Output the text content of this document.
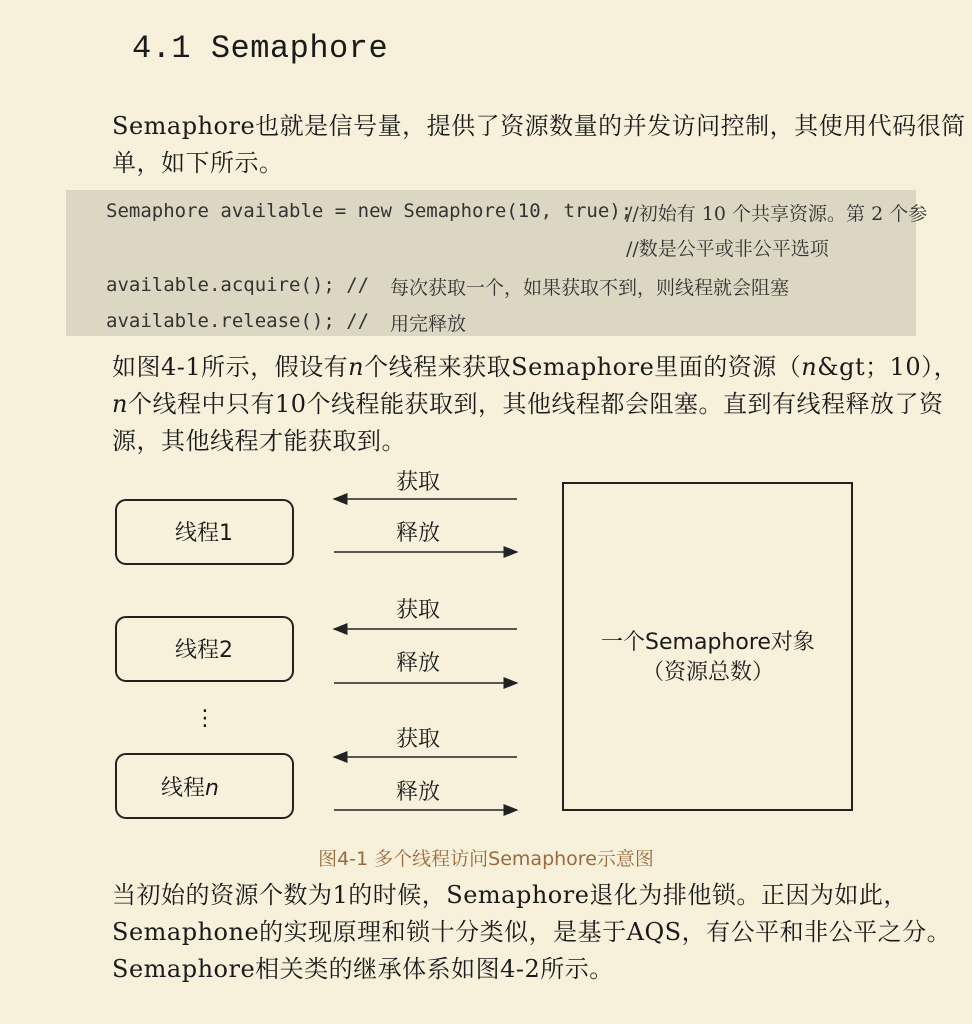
4.1 Semaphore

Semaphore也就是信号量，提供了资源数量的并发访问控制，其使用代码很简单，如下所示。

Semaphore available = new Semaphore(10, true);
//初始有 10 个共享资源。第 2 个参
//数是公平或非公平选项
available.acquire(); // 每次获取一个，如果获取不到，则线程就会阻塞
available.release(); // 用完释放

如图4-1所示，假设有n个线程来获取Semaphore里面的资源（n&gt；10），n个线程中只有10个线程能获取到，其他线程都会阻塞。直到有线程释放了资源，其他线程才能获取到。

线程1
线程2
线程n
⋮
获取
释放
获取
释放
获取
释放
一个Semaphore对象
（资源总数）
图4-1 多个线程访问Semaphore示意图

当初始的资源个数为1的时候，Semaphore退化为排他锁。正因为如此，Semaphone的实现原理和锁十分类似，是基于AQS，有公平和非公平之分。Semaphore相关类的继承体系如图4-2所示。
